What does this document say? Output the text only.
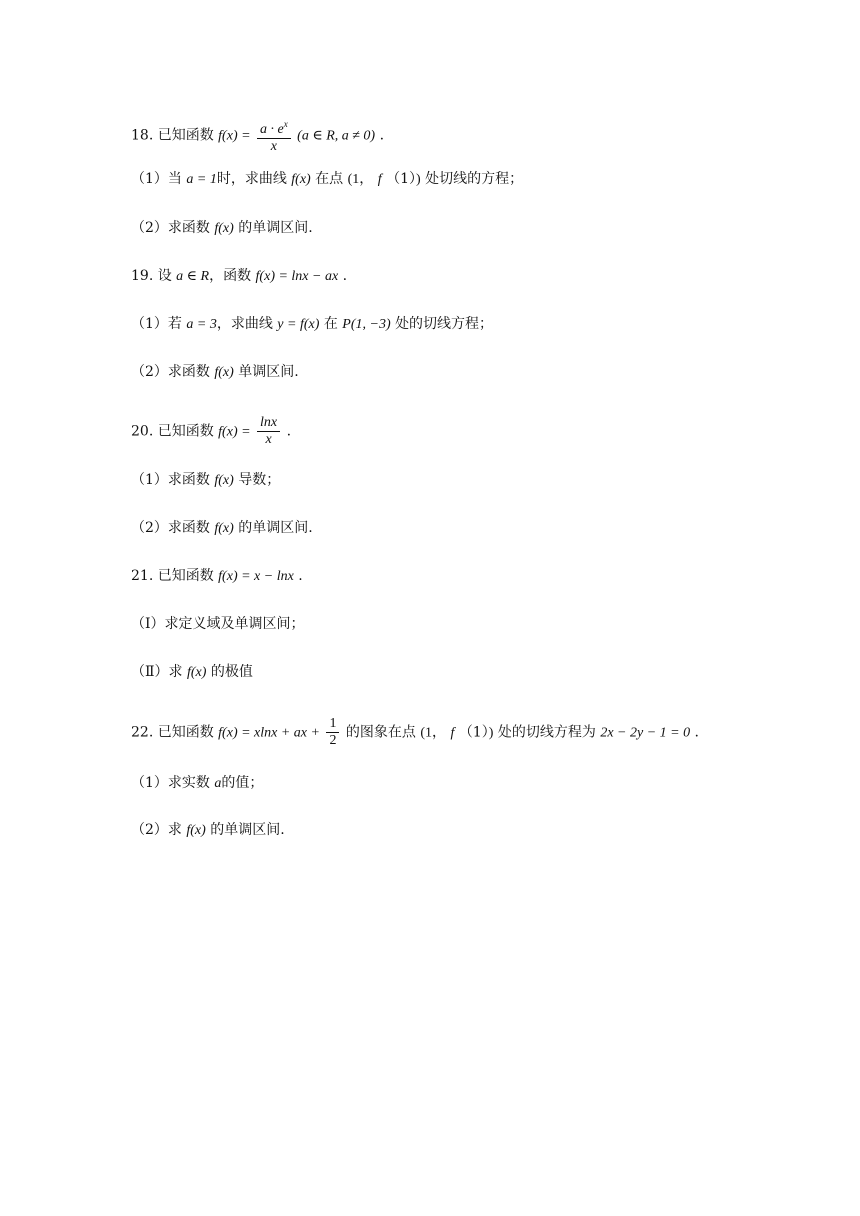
18. 已知函数 $f(x) = \frac{a \cdot e^x}{x} (a$ ∈ R, a ≠ 0) .
（1）当 a = 1时，求曲线 f(x) 在点 (1， f （1）) 处切线的方程；
（2）求函数 f(x) 的单调区间.
19. 设 a ∈ R，函数 f(x) = lnx − ax .
（1）若 a = 3，求曲线 y = f(x) 在 P(1, −3) 处的切线方程；
（2）求函数 f(x) 单调区间.
20. 已知函数 $f(x) = \frac{\ln x}{x}$ .
（1）求函数 f(x) 导数；
（2）求函数 f(x) 的单调区间.
21. 已知函数 f(x) = x − lnx .
（Ⅰ）求定义域及单调区间；
（Ⅱ）求 f(x) 的极值
22. 已知函数 f(x) = xlnx + ax + $\frac{1}{2}$ 的图象在点 (1， f （1）) 处的切线方程为 2x − 2y − 1 = 0 .
（1）求实数 a的值；
（2）求 f(x) 的单调区间.
